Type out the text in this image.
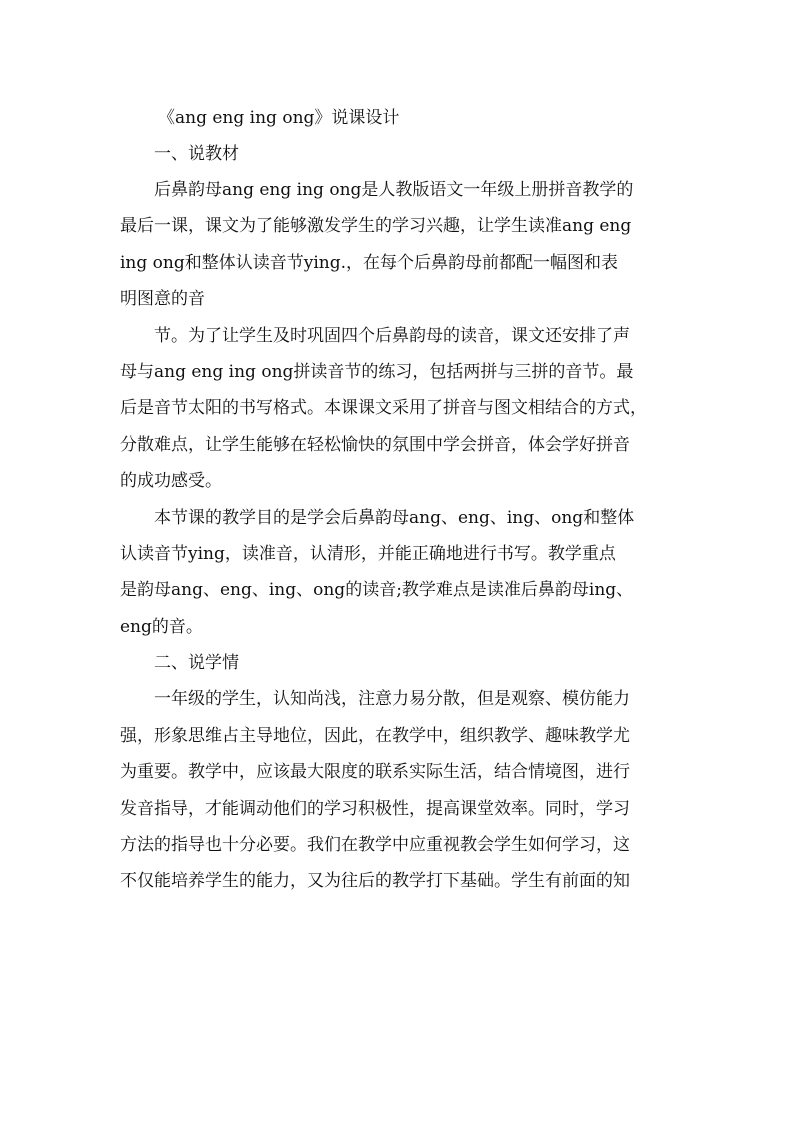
《ang eng ing ong》说课设计

一、说教材

后鼻韵母ang eng ing ong是人教版语文一年级上册拼音教学的
最后一课，课文为了能够激发学生的学习兴趣，让学生读准ang eng
ing ong和整体认读音节ying.，在每个后鼻韵母前都配一幅图和表
明图意的音

节。为了让学生及时巩固四个后鼻韵母的读音，课文还安排了声
母与ang eng ing ong拼读音节的练习，包括两拼与三拼的音节。最
后是音节太阳的书写格式。本课课文采用了拼音与图文相结合的方式，
分散难点，让学生能够在轻松愉快的氛围中学会拼音，体会学好拼音
的成功感受。

本节课的教学目的是学会后鼻韵母ang、eng、ing、ong和整体
认读音节ying，读准音，认清形，并能正确地进行书写。教学重点
是韵母ang、eng、ing、ong的读音;教学难点是读准后鼻韵母ing、
eng的音。

二、说学情

一年级的学生，认知尚浅，注意力易分散，但是观察、模仿能力
强，形象思维占主导地位，因此，在教学中，组织教学、趣味教学尤
为重要。教学中，应该最大限度的联系实际生活，结合情境图，进行
发音指导，才能调动他们的学习积极性，提高课堂效率。同时，学习
方法的指导也十分必要。我们在教学中应重视教会学生如何学习，这
不仅能培养学生的能力，又为往后的教学打下基础。学生有前面的知
